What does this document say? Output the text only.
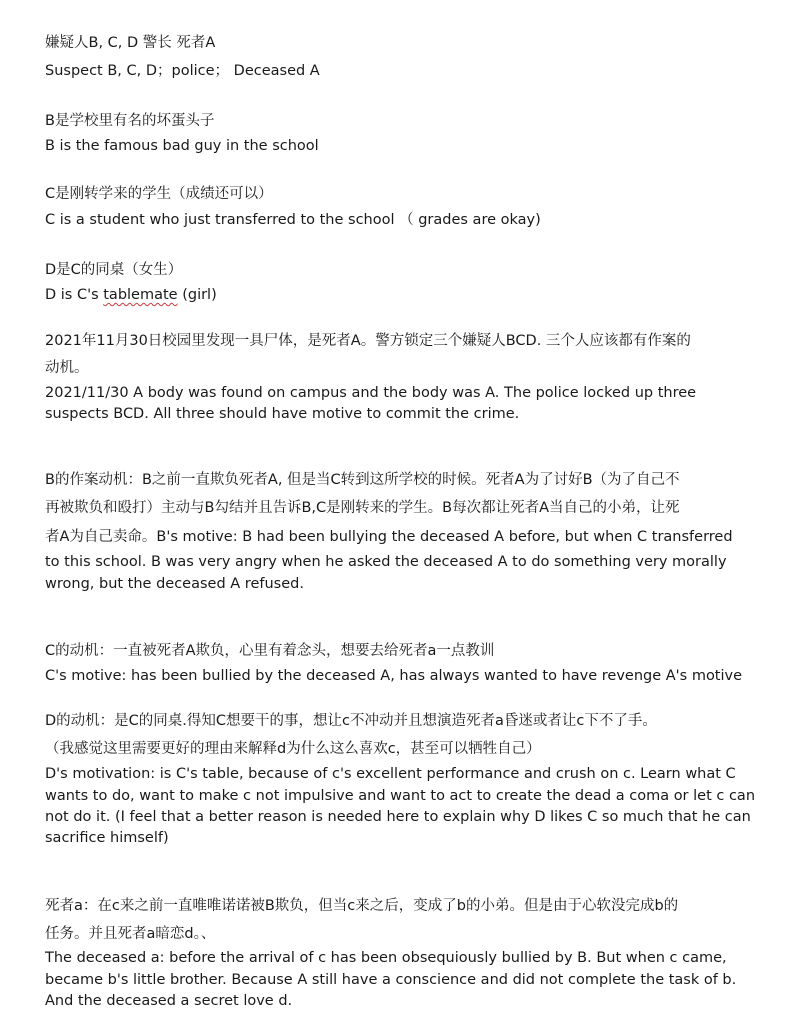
嫌疑人B, C, D 警长 死者A
Suspect B, C, D；police； Deceased A
B是学校里有名的坏蛋头子
B is the famous bad guy in the school
C是刚转学来的学生（成绩还可以）
C is a student who just transferred to the school （ grades are okay)
D是C的同桌（女生）
D is C's tablemate (girl)
2021年11月30日校园里发现一具尸体，是死者A。警方锁定三个嫌疑人BCD. 三个人应该都有作案的
动机。
2021/11/30 A body was found on campus and the body was A. The police locked up three
suspects BCD. All three should have motive to commit the crime.
B的作案动机：B之前一直欺负死者A, 但是当C转到这所学校的时候。死者A为了讨好B（为了自己不
再被欺负和殴打）主动与B勾结并且告诉B,C是刚转来的学生。B每次都让死者A当自己的小弟，让死
者A为自己卖命。B's motive: B had been bullying the deceased A before, but when C transferred
to this school. B was very angry when he asked the deceased A to do something very morally
wrong, but the deceased A refused.
C的动机：一直被死者A欺负，心里有着念头，想要去给死者a一点教训
C's motive: has been bullied by the deceased A, has always wanted to have revenge A's motive
D的动机：是C的同桌.得知C想要干的事，想让c不冲动并且想演造死者a昏迷或者让c下不了手。
（我感觉这里需要更好的理由来解释d为什么这么喜欢c，甚至可以牺牲自己）
D's motivation: is C's table, because of c's excellent performance and crush on c. Learn what C
wants to do, want to make c not impulsive and want to act to create the dead a coma or let c can
not do it. (I feel that a better reason is needed here to explain why D likes C so much that he can
sacrifice himself)
死者a：在c来之前一直唯唯诺诺被B欺负，但当c来之后，变成了b的小弟。但是由于心软没完成b的
任务。并且死者a暗恋d。、
The deceased a: before the arrival of c has been obsequiously bullied by B. But when c came,
became b's little brother. Because A still have a conscience and did not complete the task of b.
And the deceased a secret love d.
